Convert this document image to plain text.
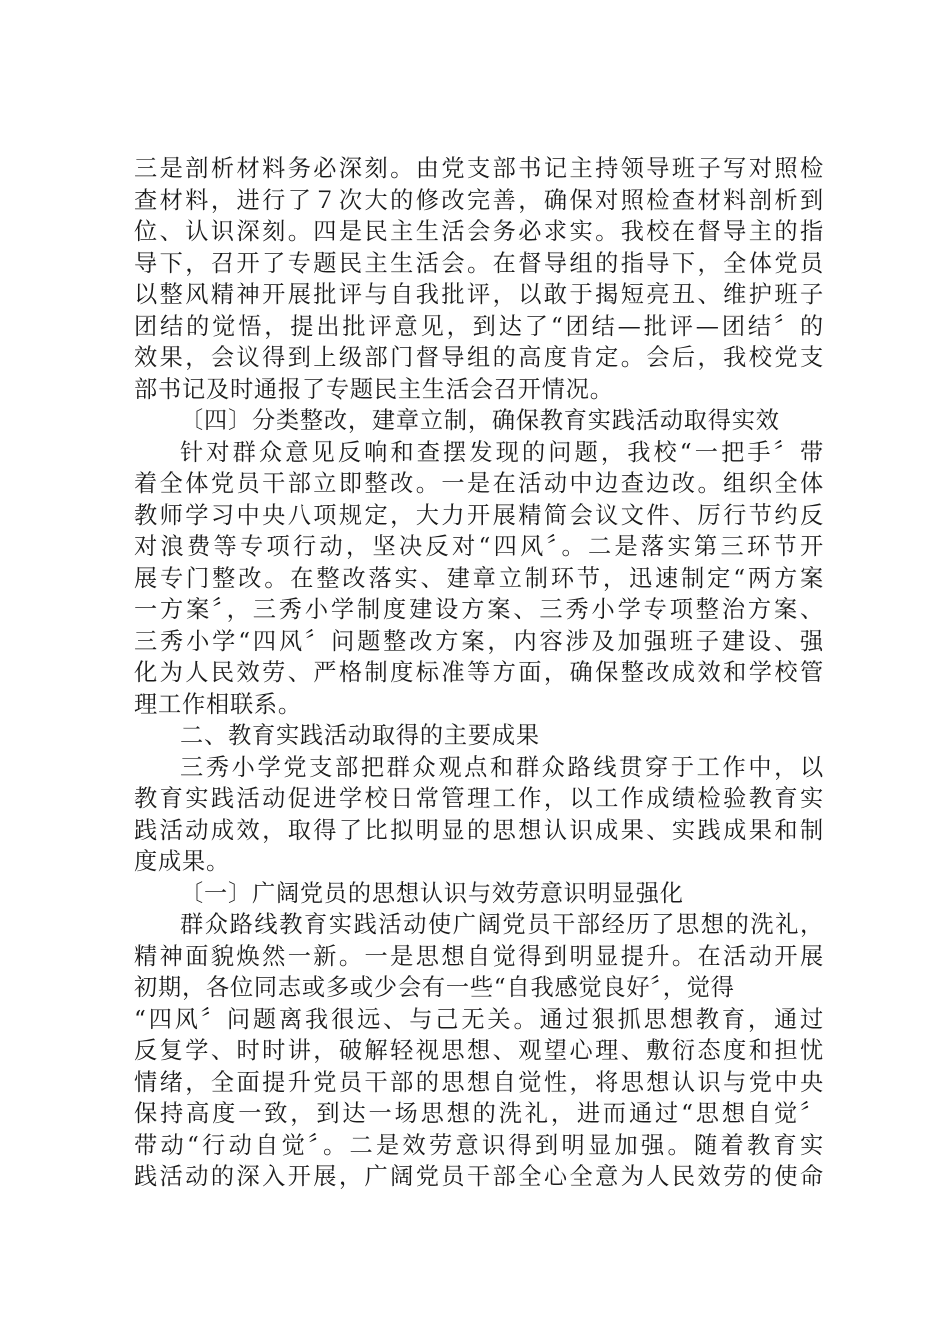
三是剖析材料务必深刻。由党支部书记主持领导班子写对照检
查材料，进行了７次大的修改完善，确保对照检查材料剖析到
位、认识深刻。四是民主生活会务必求实。我校在督导主的指
导下，召开了专题民主生活会。在督导组的指导下，全体党员
以整风精神开展批评与自我批评，以敢于揭短亮丑、维护班子
团结的觉悟，提出批评意见，到达了“团结—批评—团结〞的
效果，会议得到上级部门督导组的高度肯定。会后，我校党支
部书记及时通报了专题民主生活会召开情况。
〔四〕分类整改，建章立制，确保教育实践活动取得实效
针对群众意见反响和查摆发现的问题，我校“一把手〞带
着全体党员干部立即整改。一是在活动中边查边改。组织全体
教师学习中央八项规定，大力开展精简会议文件、厉行节约反
对浪费等专项行动，坚决反对“四风〞。二是落实第三环节开
展专门整改。在整改落实、建章立制环节，迅速制定“两方案
一方案〞，三秀小学制度建设方案、三秀小学专项整治方案、
三秀小学“四风〞问题整改方案，内容涉及加强班子建设、强
化为人民效劳、严格制度标准等方面，确保整改成效和学校管
理工作相联系。
二、教育实践活动取得的主要成果
三秀小学党支部把群众观点和群众路线贯穿于工作中，以
教育实践活动促进学校日常管理工作，以工作成绩检验教育实
践活动成效，取得了比拟明显的思想认识成果、实践成果和制
度成果。
〔一〕广阔党员的思想认识与效劳意识明显强化
群众路线教育实践活动使广阔党员干部经历了思想的洗礼，
精神面貌焕然一新。一是思想自觉得到明显提升。在活动开展
初期，各位同志或多或少会有一些“自我感觉良好〞，觉得
“四风〞问题离我很远、与己无关。通过狠抓思想教育，通过
反复学、时时讲，破解轻视思想、观望心理、敷衍态度和担忧
情绪，全面提升党员干部的思想自觉性，将思想认识与党中央
保持高度一致，到达一场思想的洗礼，进而通过“思想自觉〞
带动“行动自觉〞。二是效劳意识得到明显加强。随着教育实
践活动的深入开展，广阔党员干部全心全意为人民效劳的使命
